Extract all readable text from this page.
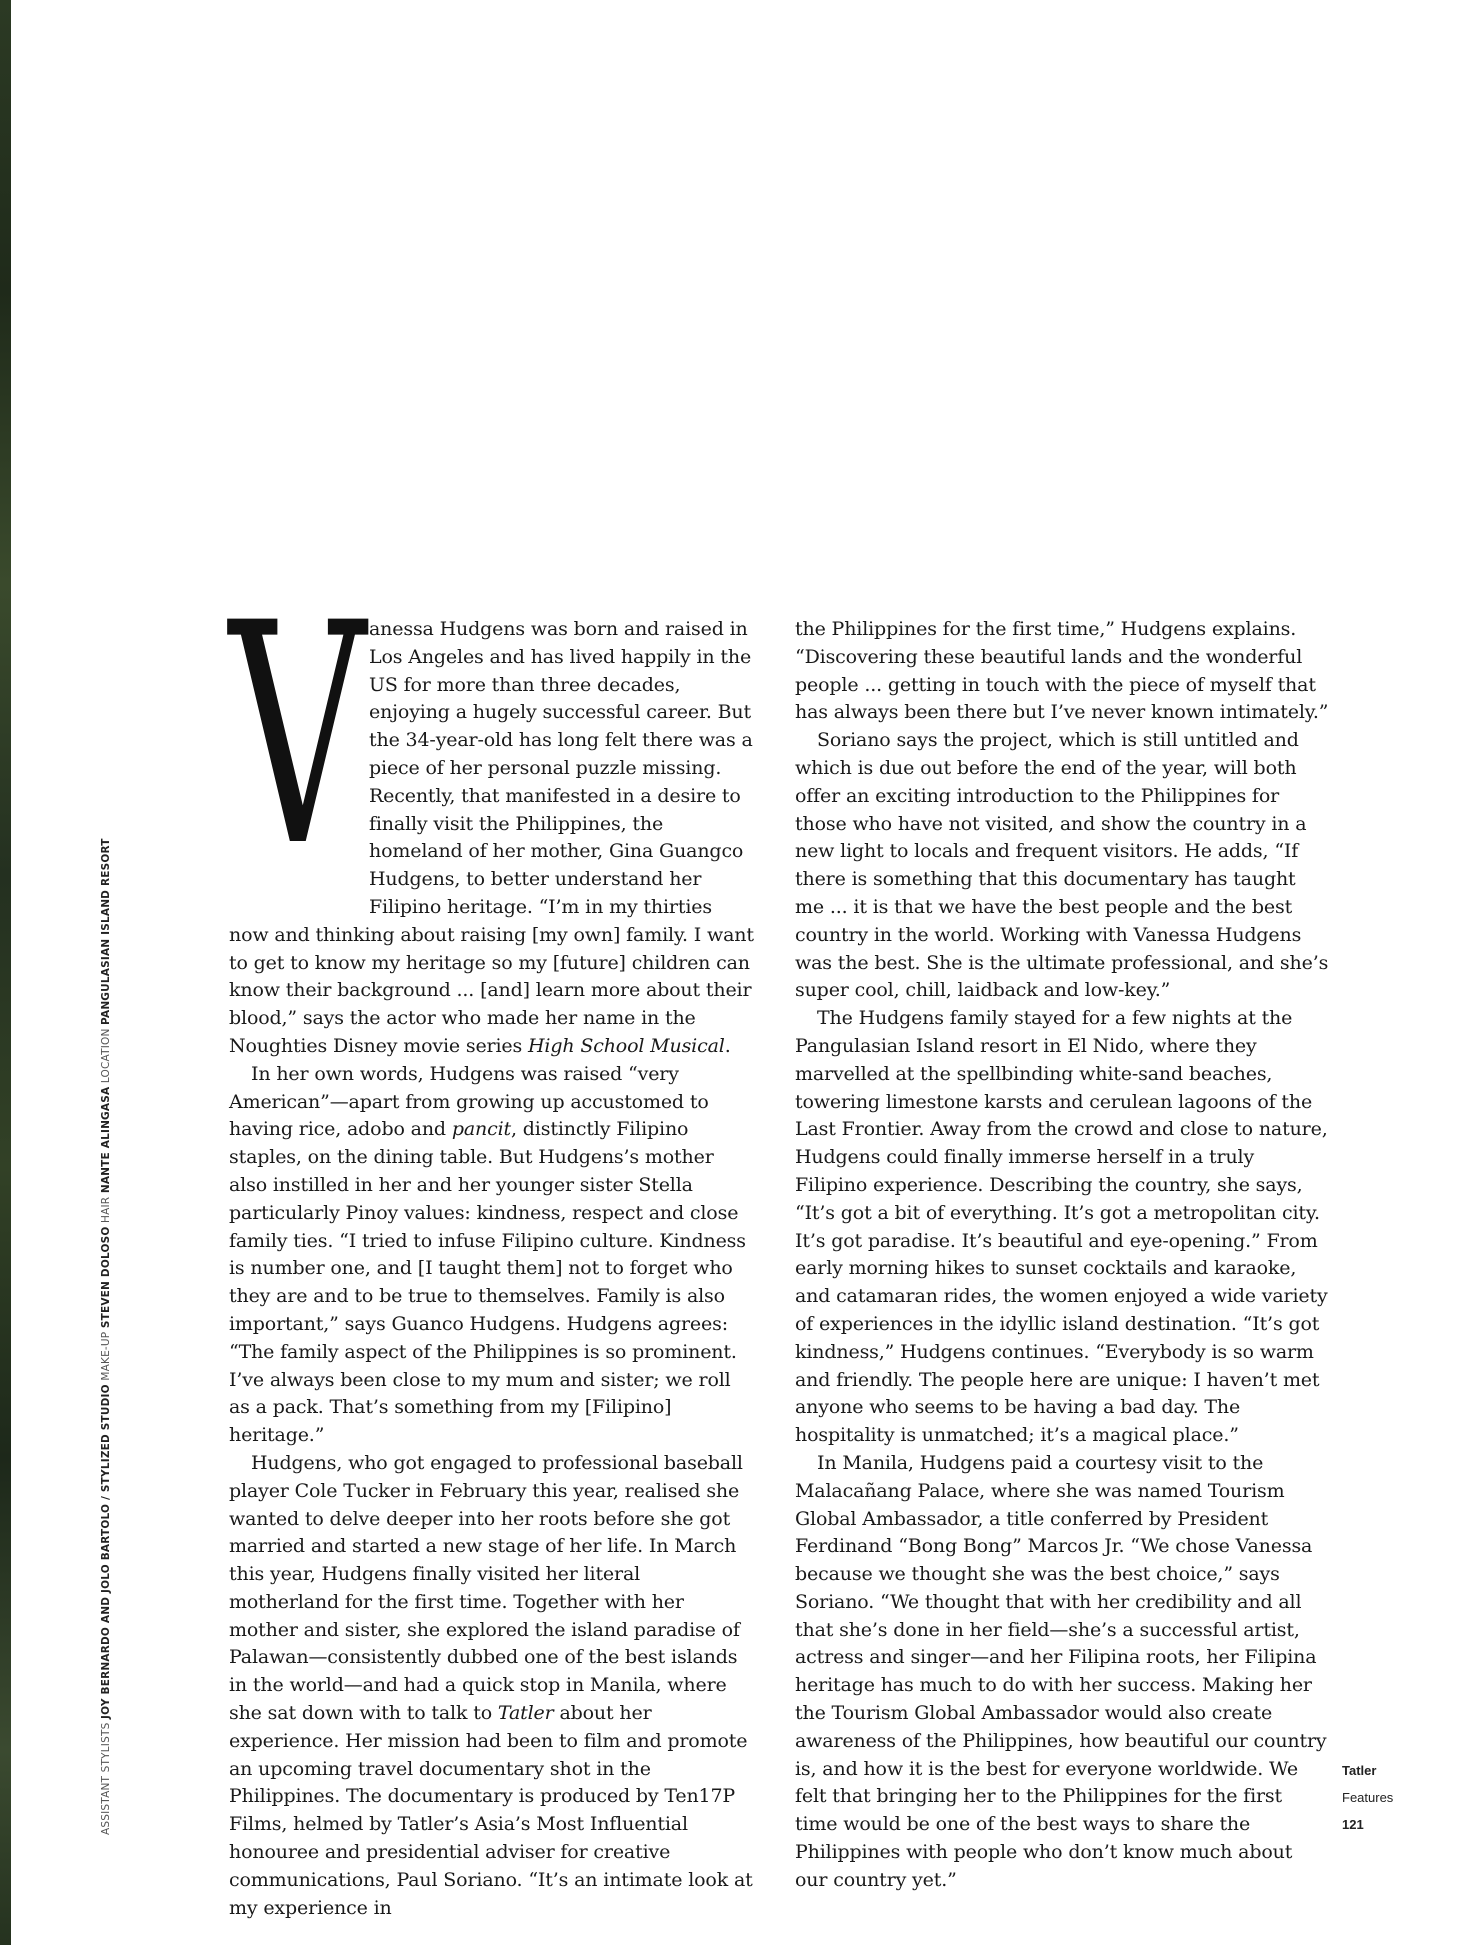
ASSISTANT STYLISTS JOY BERNARDO AND JOLO BARTOLO / STYLIZED STUDIO MAKE-UP STEVEN DOLOSO HAIR NANTE ALINGASA LOCATION PANGULASIAN ISLAND RESORT
V anessa Hudgens was born and raised in Los Angeles and has lived happily in the US for more than three decades, enjoying a hugely successful career. But the 34-year-old has long felt there was a piece of her personal puzzle missing. Recently, that manifested in a desire to finally visit the Philippines, the homeland of her mother, Gina Guangco Hudgens, to better understand her Filipino heritage. “I’m in my thirties now and thinking about raising [my own] family. I want to get to know my heritage so my [future] children can know their background ... [and] learn more about their blood,” says the actor who made her name in the Noughties Disney movie series High School Musical.

In her own words, Hudgens was raised “very American”—apart from growing up accustomed to having rice, adobo and pancit, distinctly Filipino staples, on the dining table. But Hudgens’s mother also instilled in her and her younger sister Stella particularly Pinoy values: kindness, respect and close family ties. “I tried to infuse Filipino culture. Kindness is number one, and [I taught them] not to forget who they are and to be true to themselves. Family is also important,” says Guanco Hudgens. Hudgens agrees: “The family aspect of the Philippines is so prominent. I’ve always been close to my mum and sister; we roll as a pack. That’s something from my [Filipino] heritage.”

Hudgens, who got engaged to professional baseball player Cole Tucker in February this year, realised she wanted to delve deeper into her roots before she got married and started a new stage of her life. In March this year, Hudgens finally visited her literal motherland for the first time. Together with her mother and sister, she explored the island paradise of Palawan—consistently dubbed one of the best islands in the world—and had a quick stop in Manila, where she sat down with to talk to Tatler about her experience. Her mission had been to film and promote an upcoming travel documentary shot in the Philippines. The documentary is produced by Ten17P Films, helmed by Tatler’s Asia’s Most Influential honouree and presidential adviser for creative communications, Paul Soriano. “It’s an intimate look at my experience in

the Philippines for the first time,” Hudgens explains. “Discovering these beautiful lands and the wonderful people ... getting in touch with the piece of myself that has always been there but I’ve never known intimately.”

Soriano says the project, which is still untitled and which is due out before the end of the year, will both offer an exciting introduction to the Philippines for those who have not visited, and show the country in a new light to locals and frequent visitors. He adds, “If there is something that this documentary has taught me ... it is that we have the best people and the best country in the world. Working with Vanessa Hudgens was the best. She is the ultimate professional, and she’s super cool, chill, laidback and low-key.”

The Hudgens family stayed for a few nights at the Pangulasian Island resort in El Nido, where they marvelled at the spellbinding white-sand beaches, towering limestone karsts and cerulean lagoons of the Last Frontier. Away from the crowd and close to nature, Hudgens could finally immerse herself in a truly Filipino experience. Describing the country, she says, “It’s got a bit of everything. It’s got a metropolitan city. It’s got paradise. It’s beautiful and eye-opening.” From early morning hikes to sunset cocktails and karaoke, and catamaran rides, the women enjoyed a wide variety of experiences in the idyllic island destination. “It’s got kindness,” Hudgens continues. “Everybody is so warm and friendly. The people here are unique: I haven’t met anyone who seems to be having a bad day. The hospitality is unmatched; it’s a magical place.”

In Manila, Hudgens paid a courtesy visit to the Malacañang Palace, where she was named Tourism Global Ambassador, a title conferred by President Ferdinand “Bong Bong” Marcos Jr. “We chose Vanessa because we thought she was the best choice,” says Soriano. “We thought that with her credibility and all that she’s done in her field—she’s a successful artist, actress and singer—and her Filipina roots, her Filipina heritage has much to do with her success. Making her the Tourism Global Ambassador would also create awareness of the Philippines, how beautiful our country is, and how it is the best for everyone worldwide. We felt that bringing her to the Philippines for the first time would be one of the best ways to share the Philippines with people who don’t know much about our country yet.”

Tatler
Features
121
